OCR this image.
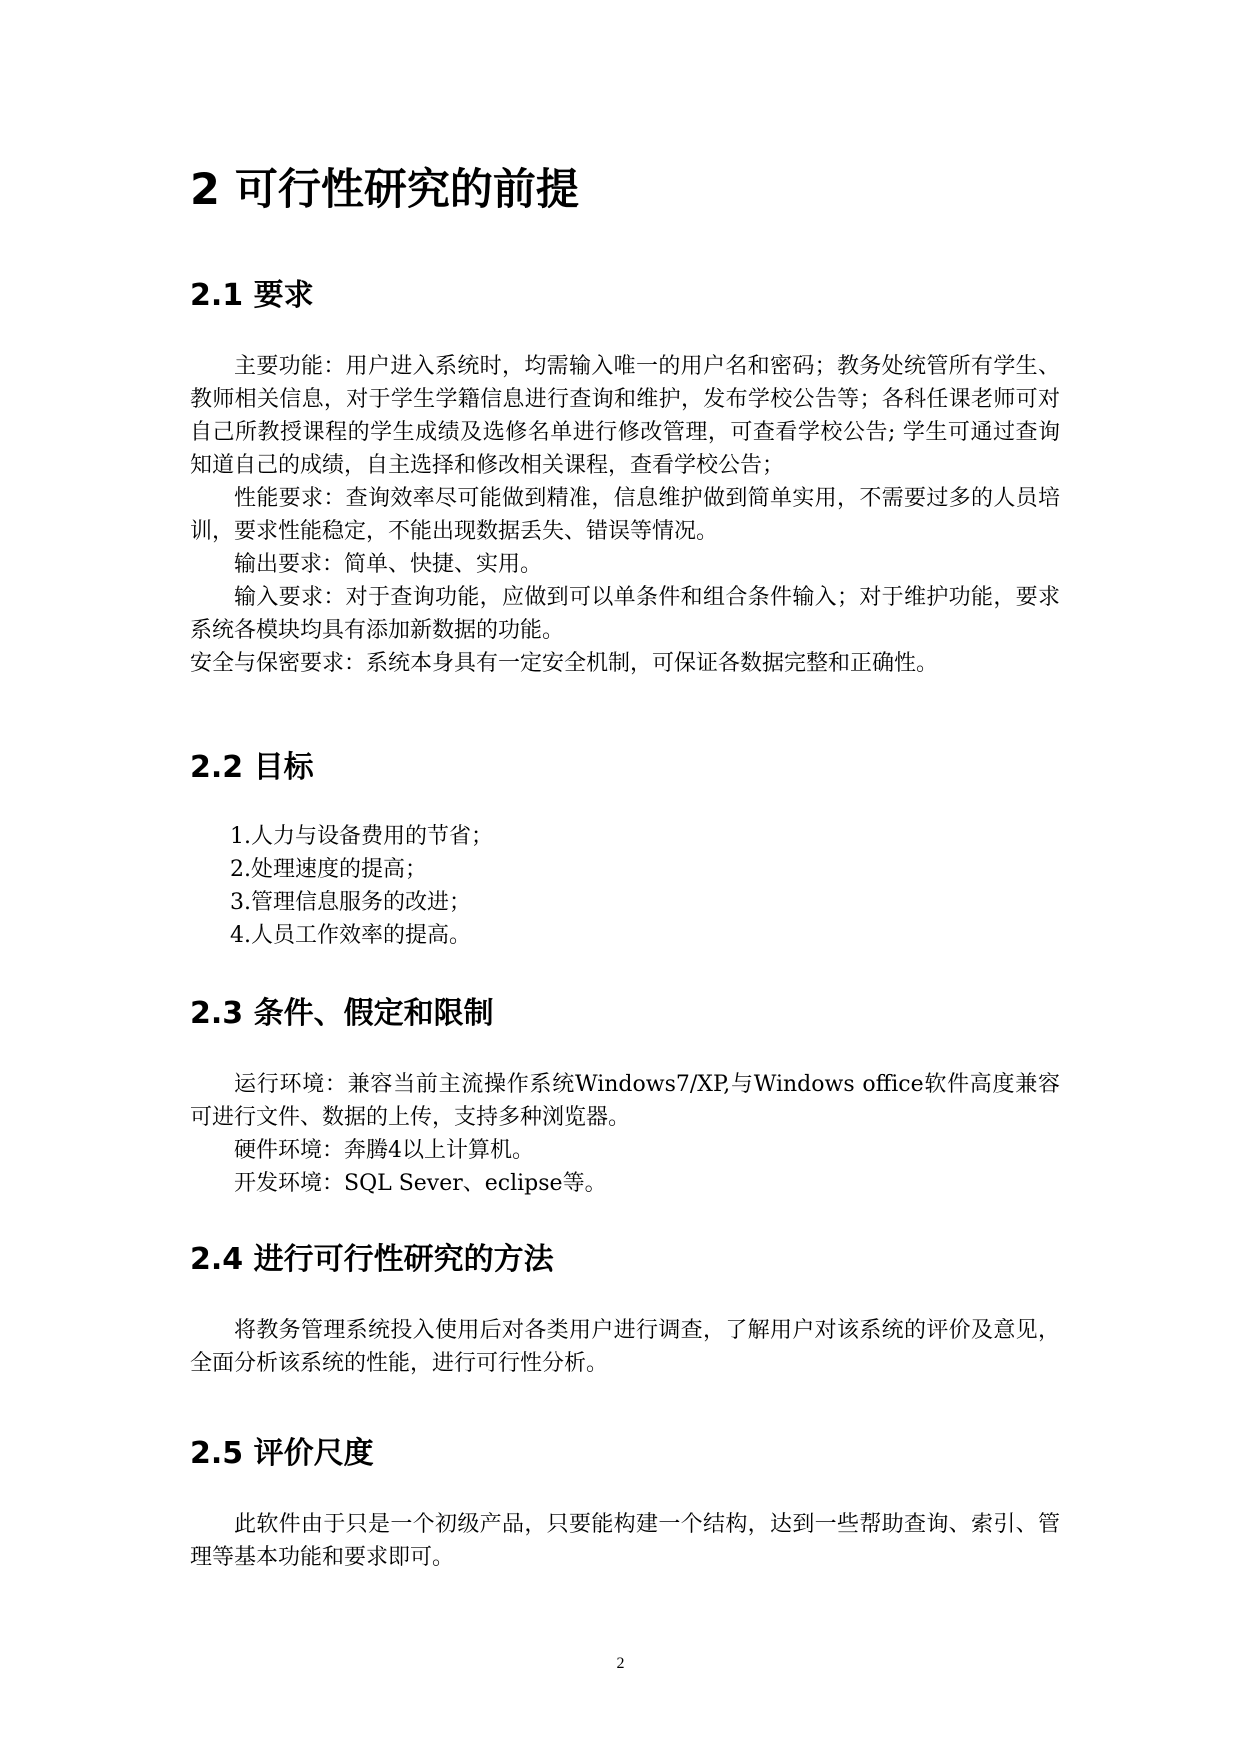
2 可行性研究的前提
2.1 要求

主要功能：用户进入系统时，均需输入唯一的用户名和密码；教务处统管所有学生、教师相关信息，对于学生学籍信息进行查询和维护，发布学校公告等；各科任课老师可对自己所教授课程的学生成绩及选修名单进行修改管理，可查看学校公告; 学生可通过查询知道自己的成绩，自主选择和修改相关课程，查看学校公告；

性能要求：查询效率尽可能做到精准，信息维护做到简单实用，不需要过多的人员培训，要求性能稳定，不能出现数据丢失、错误等情况。

输出要求：简单、快捷、实用。

输入要求：对于查询功能，应做到可以单条件和组合条件输入；对于维护功能，要求系统各模块均具有添加新数据的功能。

安全与保密要求：系统本身具有一定安全机制，可保证各数据完整和正确性。

2.2 目标

1.人力与设备费用的节省；

2.处理速度的提高；

3.管理信息服务的改进；

4.人员工作效率的提高。

2.3 条件、假定和限制

运行环境：兼容当前主流操作系统Windows7/XP,与Windows office软件高度兼容可进行文件、数据的上传，支持多种浏览器。

硬件环境：奔腾4以上计算机。

开发环境：SQL Sever、eclipse等。

2.4 进行可行性研究的方法

将教务管理系统投入使用后对各类用户进行调查，了解用户对该系统的评价及意见，全面分析该系统的性能，进行可行性分析。

2.5 评价尺度

此软件由于只是一个初级产品，只要能构建一个结构，达到一些帮助查询、索引、管理等基本功能和要求即可。

2
